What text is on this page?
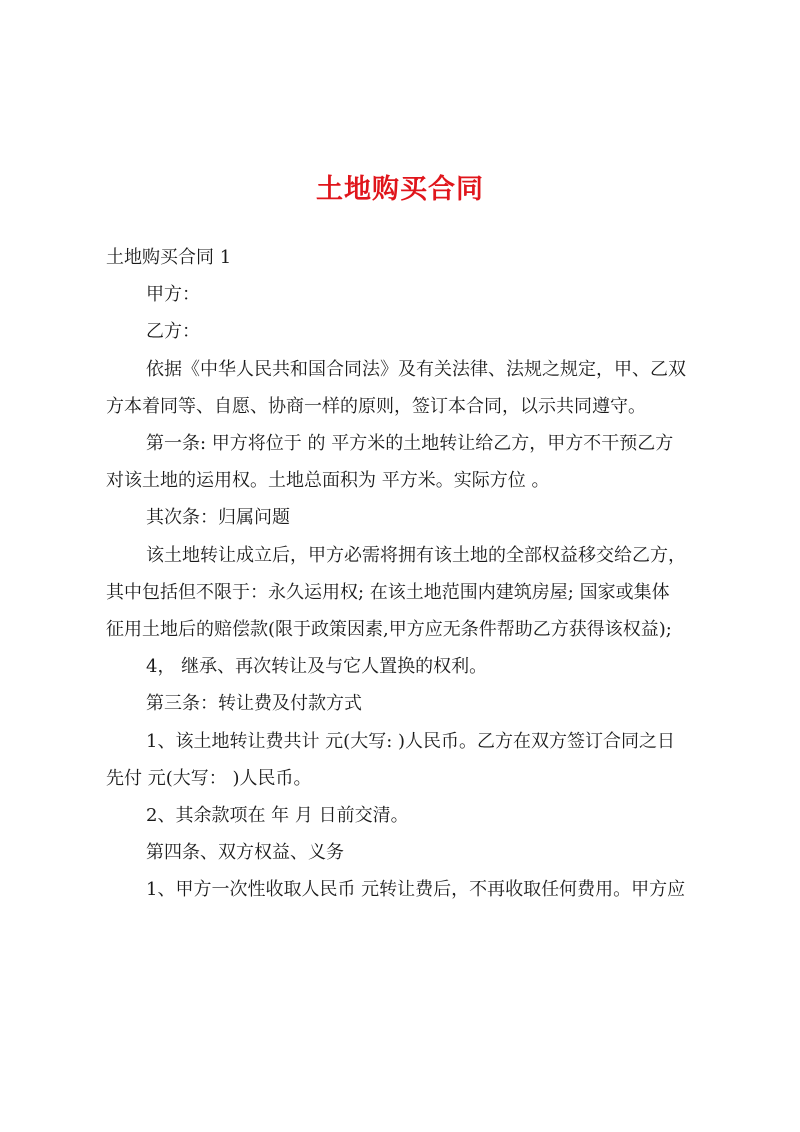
土地购买合同

土地购买合同 1

甲方：

乙方：

依据《中华人民共和国合同法》及有关法律、法规之规定，甲、乙双

方本着同等、自愿、协商一样的原则，签订本合同，以示共同遵守。

第一条: 甲方将位于 的 平方米的土地转让给乙方，甲方不干预乙方

对该土地的运用权。土地总面积为 平方米。实际方位 。

其次条：归属问题

该土地转让成立后，甲方必需将拥有该土地的全部权益移交给乙方，

其中包括但不限于：永久运用权; 在该土地范围内建筑房屋; 国家或集体

征用土地后的赔偿款(限于政策因素,甲方应无条件帮助乙方获得该权益);

4， 继承、再次转让及与它人置换的权利。

第三条：转让费及付款方式

1、该土地转让费共计 元(大写: )人民币。乙方在双方签订合同之日

先付 元(大写： )人民币。

2、其余款项在 年 月 日前交清。

第四条、双方权益、义务

1、甲方一次性收取人民币 元转让费后，不再收取任何费用。甲方应
